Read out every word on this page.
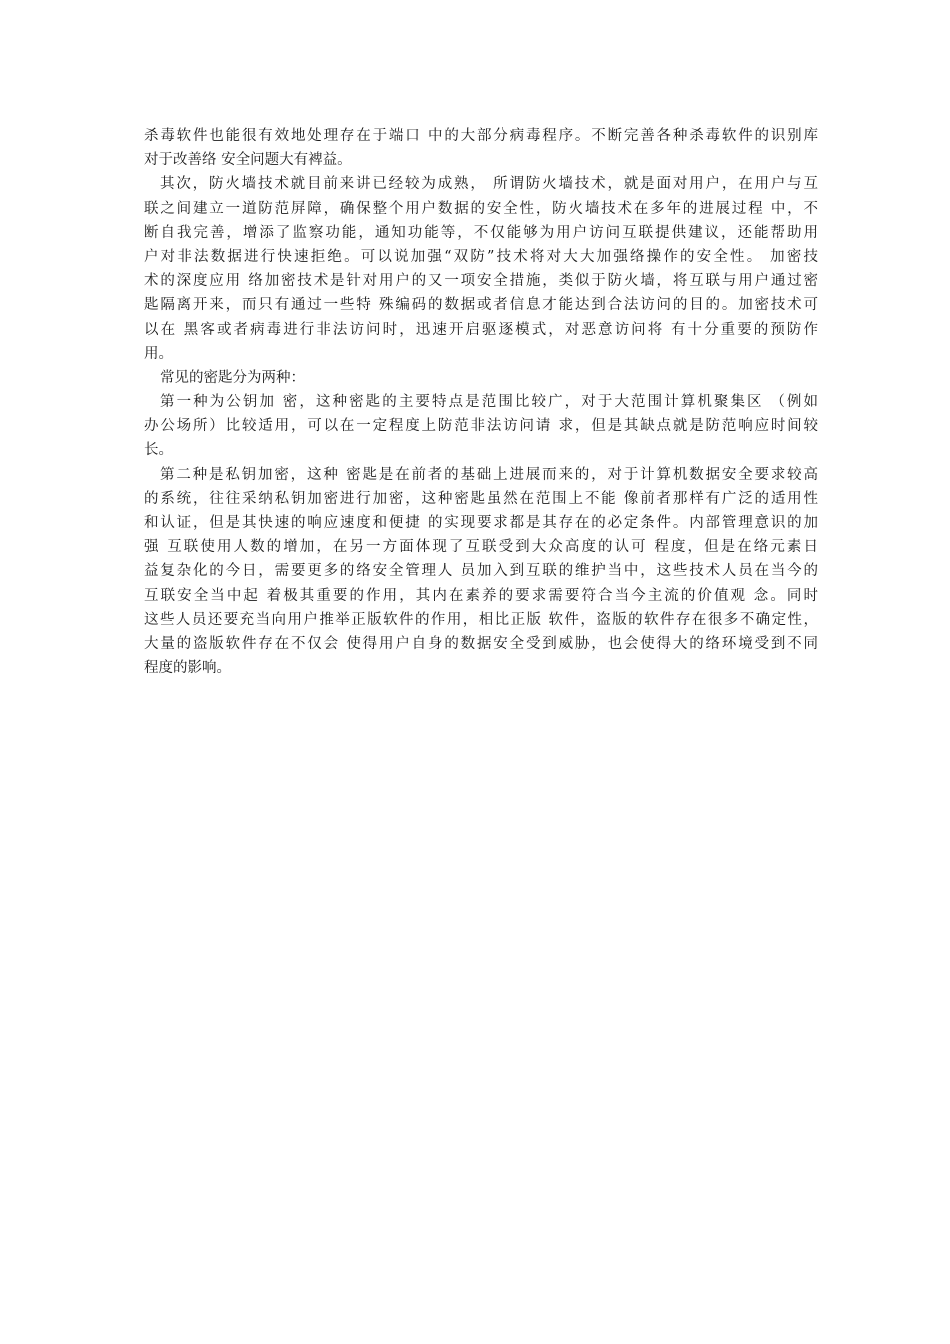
杀毒软件也能很有效地处理存在于端口 中的大部分病毒程序。不断完善各种杀毒软件的识别库
对于改善络 安全问题大有裨益。
其次，防火墙技术就目前来讲已经较为成熟， 所谓防火墙技术，就是面对用户，在用户与互
联之间建立一道防范屏障，确保整个用户数据的安全性，防火墙技术在多年的进展过程 中，不
断自我完善，增添了监察功能，通知功能等，不仅能够为用户访问互联提供建议，还能帮助用
户对非法数据进行快速拒绝。可以说加强“双防”技术将对大大加强络操作的安全性。 加密技
术的深度应用 络加密技术是针对用户的又一项安全措施，类似于防火墙，将互联与用户通过密
匙隔离开来，而只有通过一些特 殊编码的数据或者信息才能达到合法访问的目的。加密技术可
以在 黑客或者病毒进行非法访问时，迅速开启驱逐模式，对恶意访问将 有十分重要的预防作
用。
常见的密匙分为两种：
第一种为公钥加 密，这种密匙的主要特点是范围比较广，对于大范围计算机聚集区 （例如
办公场所）比较适用，可以在一定程度上防范非法访问请 求，但是其缺点就是防范响应时间较
长。
第二种是私钥加密，这种 密匙是在前者的基础上进展而来的，对于计算机数据安全要求较高
的系统，往往采纳私钥加密进行加密，这种密匙虽然在范围上不能 像前者那样有广泛的适用性
和认证，但是其快速的响应速度和便捷 的实现要求都是其存在的必定条件。内部管理意识的加
强 互联使用人数的增加，在另一方面体现了互联受到大众高度的认可 程度，但是在络元素日
益复杂化的今日，需要更多的络安全管理人 员加入到互联的维护当中，这些技术人员在当今的
互联安全当中起 着极其重要的作用，其内在素养的要求需要符合当今主流的价值观 念。同时
这些人员还要充当向用户推举正版软件的作用，相比正版 软件，盗版的软件存在很多不确定性，
大量的盗版软件存在不仅会 使得用户自身的数据安全受到威胁，也会使得大的络环境受到不同
程度的影响。
